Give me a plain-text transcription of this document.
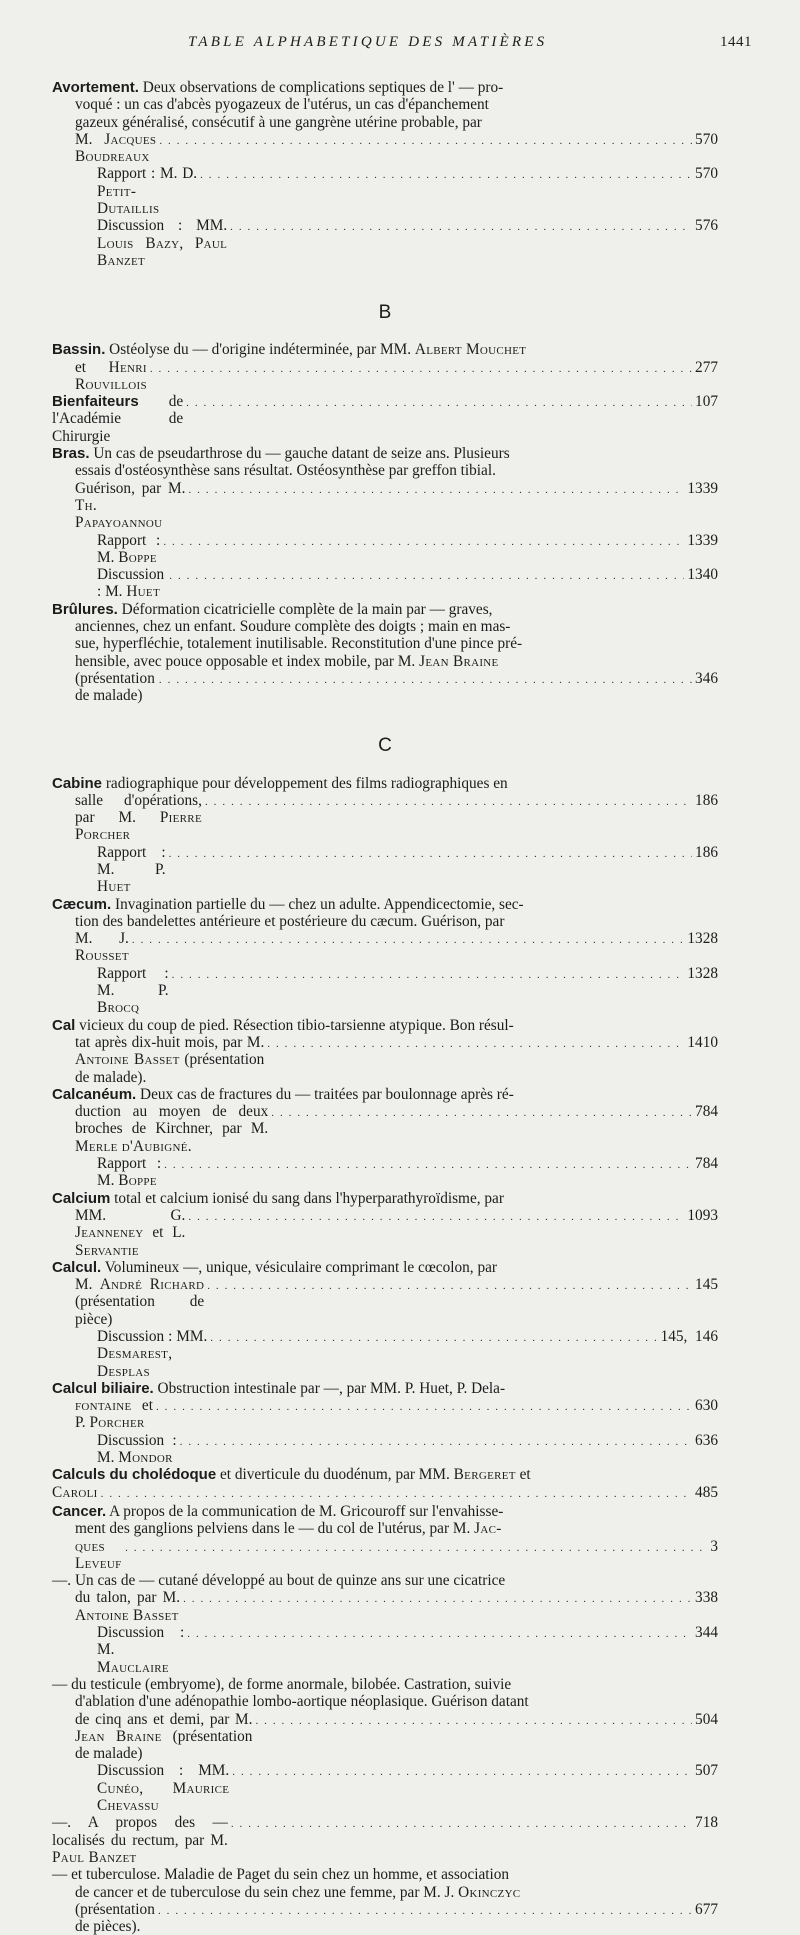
TABLE ALPHABETIQUE DES MATIÈRES	1441
Avortement. Deux observations de complications septiques de l' — pro-
voqué : un cas d'abcès pyogazeux de l'utérus, un cas d'épanchement
gazeux généralisé, consécutif à une gangrène utérine probable, par
M. Jacques Boudreaux
. . .
570
Rapport : M. D. Petit-Dutaillis
. . .
570
Discussion : MM. Louis Bazy, Paul Banzet
. . .
576
B
Bassin. Ostéolyse du — d'origine indéterminée, par MM. Albert Mouchet
et Henri Rouvillois
. . .
277
Bienfaiteurs de l'Académie de Chirurgie
. . .
107
Bras. Un cas de pseudarthrose du — gauche datant de seize ans. Plusieurs
essais d'ostéosynthèse sans résultat. Ostéosynthèse par greffon tibial.
Guérison, par M. Th. Papayoannou
. . .
1339
Rapport : M. Boppe
. . .
1339
Discussion : M. Huet
. . .
1340
Brûlures. Déformation cicatricielle complète de la main par — graves,
anciennes, chez un enfant. Soudure complète des doigts ; main en mas-
sue, hyperfléchie, totalement inutilisable. Reconstitution d'une pince pré-
hensible, avec pouce opposable et index mobile, par M. Jean Braine
(présentation de malade)
. . .
346
C
Cabine radiographique pour développement des films radiographiques en
salle d'opérations, par M. Pierre Porcher
. . .
186
Rapport : M. P. Huet
. . .
186
Cæcum. Invagination partielle du — chez un adulte. Appendicectomie, sec-
tion des bandelettes antérieure et postérieure du cæcum. Guérison, par
M. J. Rousset
. . .
1328
Rapport : M. P. Brocq
. . .
1328
Cal vicieux du coup de pied. Résection tibio-tarsienne atypique. Bon résul-
tat après dix-huit mois, par M. Antoine Basset (présentation de malade).
. . .
1410
Calcanéum. Deux cas de fractures du — traitées par boulonnage après ré-
duction au moyen de deux broches de Kirchner, par M. Merle d'Aubigné.
. . .
784
Rapport : M. Boppe
. . .
784
Calcium total et calcium ionisé du sang dans l'hyperparathyroïdisme, par
MM. G. Jeanneney et L. Servantie
. . .
1093
Calcul. Volumineux —, unique, vésiculaire comprimant le cœcolon, par
M. André Richard (présentation de pièce)
. . .
145
Discussion : MM. Desmarest, Desplas
. . .
145, 146
Calcul biliaire. Obstruction intestinale par —, par MM. P. Huet, P. Dela-
fontaine et P. Porcher
. . .
630
Discussion : M. Mondor
. . .
636
Calculs du cholédoque et diverticule du duodénum, par MM. Bergeret et
Caroli . . .	485
Cancer. A propos de la communication de M. Gricouroff sur l'envahisse-
ment des ganglions pelviens dans le — du col de l'utérus, par M. Jac-
ques Leveuf
. . .
3
—. Un cas de — cutané développé au bout de quinze ans sur une cicatrice
du talon, par M. Antoine Basset
. . .
338
Discussion : M. Mauclaire
. . .
344
— du testicule (embryome), de forme anormale, bilobée. Castration, suivie
d'ablation d'une adénopathie lombo-aortique néoplasique. Guérison datant
de cinq ans et demi, par M. Jean Braine (présentation de malade)
. . .
504
Discussion : MM. Cunéo, Maurice Chevassu
. . .
507
—. A propos des — localisés du rectum, par M. Paul Banzet
. . .
718
— et tuberculose. Maladie de Paget du sein chez un homme, et association
de cancer et de tuberculose du sein chez une femme, par M. J. Okinczyc
(présentation de pièces).
. . .
677
